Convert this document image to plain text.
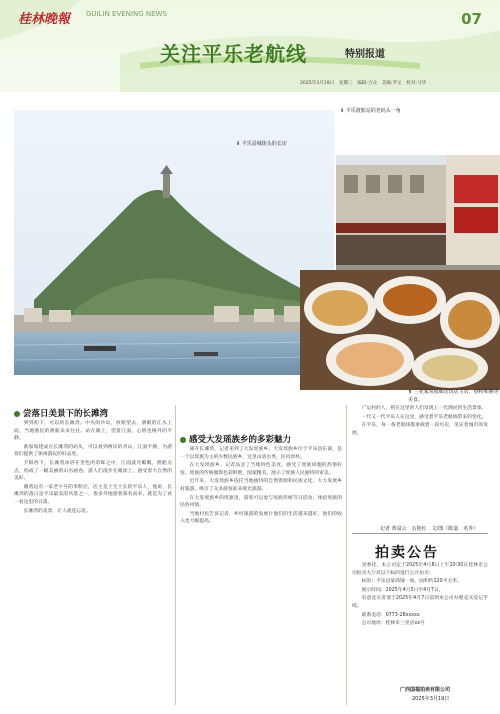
桂林晚報 GUILIN EVENING NEWS	07
关注平乐老航线	特别报道
2025年3月19日　星期三　编辑:合众　美编:罗文　校对:马华
⬇ 平乐县城街头的长店
⬇ 平乐渡船站的老码头一角
⬆ 兰花家常福味居饭店主店、炒粉和粥等美食。
尝落日美景下的长滩湾

到到初下，可以的长滩湾。中央的沙岛，放眼望去，满眼的江水上面，当地渔民的渔船来来往往。站在滩上，望着江面，心情也格外的平静。

新加坡建成在长滩湾的码头，可以看到两岸的青山，江面平静，为游客们提供了休闲游玩的好去处。

夕阳西下，长滩湾沐浴在金色的余晖之中，江面波光粼粼，渔船点点，构成了一幅美丽的山水画卷。游人们漫步在滩涂上，感受着大自然的美好。

滩湾边有一家老字号的米粉店，店主是土生土长的平乐人，他说，长滩湾的落日是平乐最美的风景之一，很多外地游客慕名而来，就是为了看一看这里的日落。

长滩湾的美景，让人流连忘返。

感受大发瑶族乡的多彩魅力

离开长滩湾，记者来到了大发瑶族乡。大发瑶族乡位于平乐县东部，是一个以瑶族为主的少数民族乡，这里山清水秀，民风淳朴。

在大发瑶族乡，记者品尝了当地特色美食，感受了瑶族同胞的热情好客。瑶族的传统服饰色彩鲜艳，图案精美，展示了瑶族人民独特的审美。

近年来，大发瑶族乡依托当地独特的自然资源和民族文化，大力发展乡村旅游，吸引了众多游客前来观光旅游。

在大发瑶族乡的瑶寨里，游客可以参与瑶族传统节日活动，体验瑶族的民俗风情。

当地村民告诉记者，乡村旅游的发展让他们的生活越来越好，他们的收入也大幅提高。

广运村的人，则在这里的人们发现上一代渔民的生活景象。

一代又一代平乐人在这里，感受着平乐老航线带来的变化。

在平乐，每一条老航线都承载着一段历史，见证着城市的发展。

记者 黄富云　石艳红　文/图（陈嘉　名外）
拍卖公告

受委托，本公司定于2025年4月8日上午10:30在桂林市公司拍卖大厅对以下标的进行公开拍卖：

标的：平乐县某商铺一间，面积约120平方米。

展示时间：2025年4月3日至4月7日。

有意竞买者请于2025年4月7日前到本公司办理竞买登记手续。

联系电话：0773-28xxxxx

公司地址：桂林市三里店xx号

广西国福拍卖有限公司
2025年3月19日
